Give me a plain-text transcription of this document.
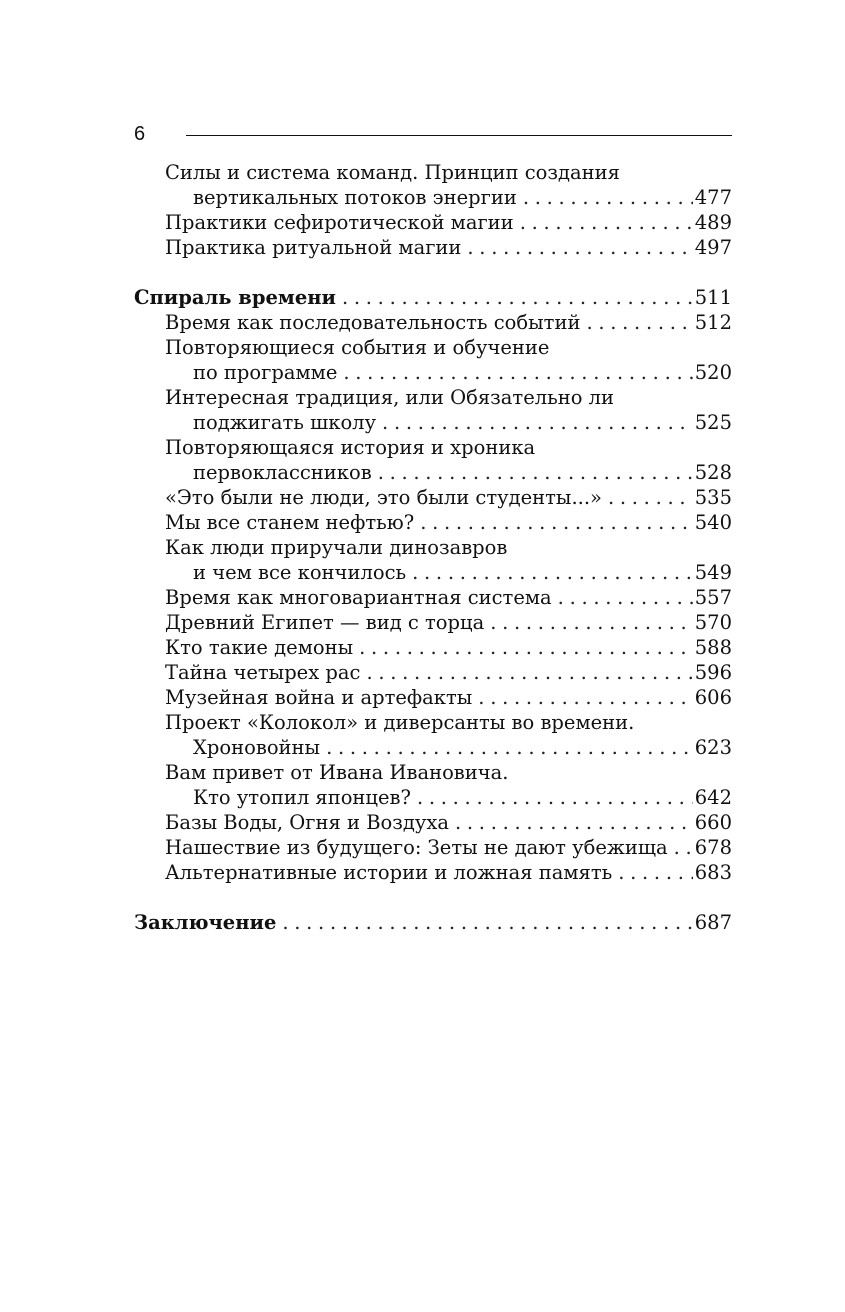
6
Силы и система команд. Принцип создания
вертикальных потоков энергии . . .	477
Практики сефиротической магии . . .	489
Практика ритуальной магии . . .	497
Спираль времени . . .	511
Время как последовательность событий . . .	512
Повторяющиеся события и обучение
по программе . . .	520
Интересная традиция, или Обязательно ли
поджигать школу . . .	525
Повторяющаяся история и хроника
первоклассников . . .	528
«Это были не люди, это были студенты...» . . .	535
Мы все станем нефтью? . . .	540
Как люди приручали динозавров
и чем все кончилось . . .	549
Время как многовариантная система . . .	557
Древний Египет — вид с торца . . .	570
Кто такие демоны . . .	588
Тайна четырех рас . . .	596
Музейная война и артефакты . . .	606
Проект «Колокол» и диверсанты во времени.
Хроновойны . . .	623
Вам привет от Ивана Ивановича.
Кто утопил японцев? . . .	642
Базы Воды, Огня и Воздуха . . .	660
Нашествие из будущего: Зеты не дают убежища . . . 678
Альтернативные истории и ложная память . . .	683
Заключение . . .	687
